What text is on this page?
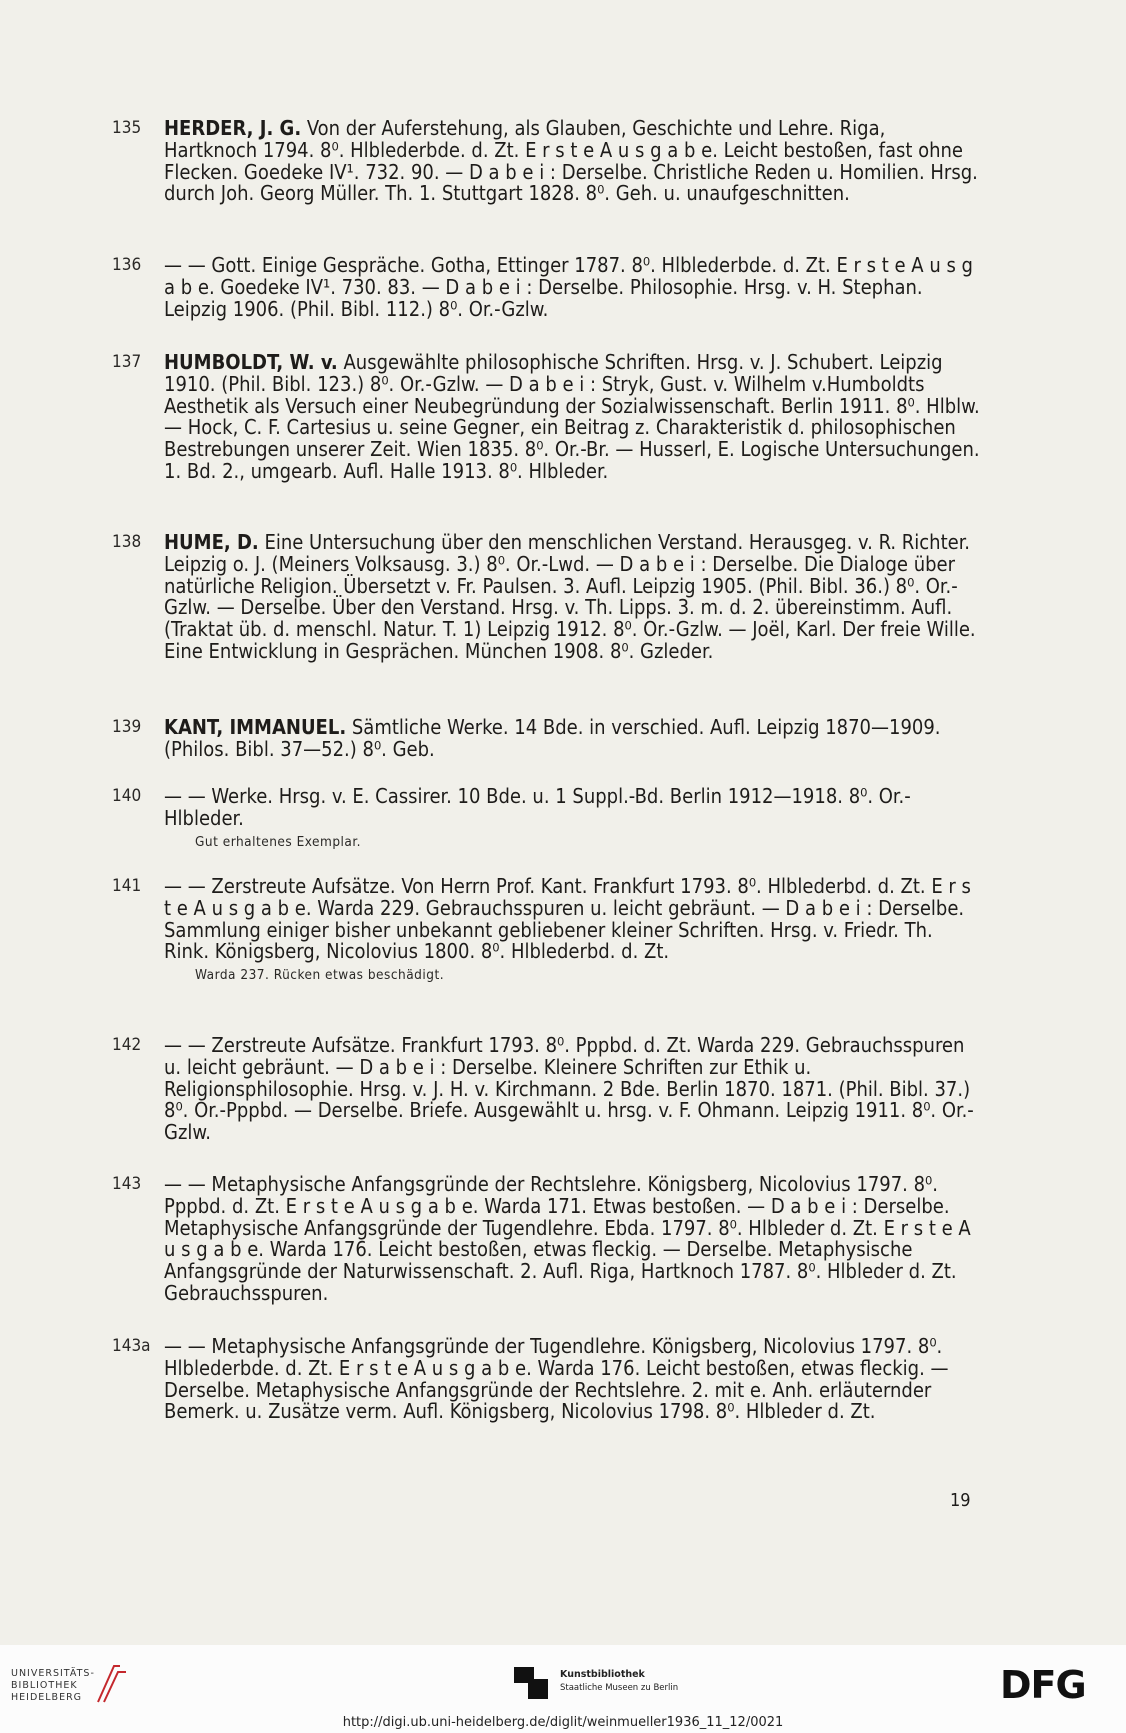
135 HERDER, J. G. Von der Auferstehung, als Glauben, Geschichte und Lehre. Riga, Hartknoch 1794. 8⁰. Hlblederbde. d. Zt. E r s t e A u s g a b e. Leicht bestoßen, fast ohne Flecken. Goedeke IV¹. 732. 90. — D a b e i : Derselbe. Christliche Reden u. Homilien. Hrsg. durch Joh. Georg Müller. Th. 1. Stuttgart 1828. 8⁰. Geh. u. unaufgeschnitten.
136 — — Gott. Einige Gespräche. Gotha, Ettinger 1787. 8⁰. Hlblederbde. d. Zt. E r s t e A u s g a b e. Goedeke IV¹. 730. 83. — D a b e i : Derselbe. Philosophie. Hrsg. v. H. Stephan. Leipzig 1906. (Phil. Bibl. 112.) 8⁰. Or.-Gzlw.
137 HUMBOLDT, W. v. Ausgewählte philosophische Schriften. Hrsg. v. J. Schubert. Leipzig 1910. (Phil. Bibl. 123.) 8⁰. Or.-Gzlw. — D a b e i : Stryk, Gust. v. Wilhelm v.Humboldts Aesthetik als Versuch einer Neubegründung der Sozialwissenschaft. Berlin 1911. 8⁰. Hlblw. — Hock, C. F. Cartesius u. seine Gegner, ein Beitrag z. Charakteristik d. philosophischen Bestrebungen unserer Zeit. Wien 1835. 8⁰. Or.-Br. — Husserl, E. Logische Untersuchungen. 1. Bd. 2., umgearb. Aufl. Halle 1913. 8⁰. Hlbleder.
138 HUME, D. Eine Untersuchung über den menschlichen Verstand. Herausgeg. v. R. Richter. Leipzig o. J. (Meiners Volksausg. 3.) 8⁰. Or.-Lwd. — D a b e i : Derselbe. Die Dialoge über natürliche Religion. Übersetzt v. Fr. Paulsen. 3. Aufl. Leipzig 1905. (Phil. Bibl. 36.) 8⁰. Or.-Gzlw. — Derselbe. Über den Verstand. Hrsg. v. Th. Lipps. 3. m. d. 2. übereinstimm. Aufl. (Traktat üb. d. menschl. Natur. T. 1) Leipzig 1912. 8⁰. Or.-Gzlw. — Joël, Karl. Der freie Wille. Eine Entwicklung in Gesprächen. München 1908. 8⁰. Gzleder.
139 KANT, IMMANUEL. Sämtliche Werke. 14 Bde. in verschied. Aufl. Leipzig 1870—1909. (Philos. Bibl. 37—52.) 8⁰. Geb.
140 — — Werke. Hrsg. v. E. Cassirer. 10 Bde. u. 1 Suppl.-Bd. Berlin 1912—1918. 8⁰. Or.-Hlbleder.
Gut erhaltenes Exemplar.
141 — — Zerstreute Aufsätze. Von Herrn Prof. Kant. Frankfurt 1793. 8⁰. Hlblederbd. d. Zt. E r s t e A u s g a b e. Warda 229. Gebrauchsspuren u. leicht gebräunt. — D a b e i : Derselbe. Sammlung einiger bisher unbekannt gebliebener kleiner Schriften. Hrsg. v. Friedr. Th. Rink. Königsberg, Nicolovius 1800. 8⁰. Hlblederbd. d. Zt.
Warda 237. Rücken etwas beschädigt.
142 — — Zerstreute Aufsätze. Frankfurt 1793. 8⁰. Pppbd. d. Zt. Warda 229. Gebrauchsspuren u. leicht gebräunt. — D a b e i : Derselbe. Kleinere Schriften zur Ethik u. Religionsphilosophie. Hrsg. v. J. H. v. Kirchmann. 2 Bde. Berlin 1870. 1871. (Phil. Bibl. 37.) 8⁰. Or.-Pppbd. — Derselbe. Briefe. Ausgewählt u. hrsg. v. F. Ohmann. Leipzig 1911. 8⁰. Or.-Gzlw.
143 — — Metaphysische Anfangsgründe der Rechtslehre. Königsberg, Nicolovius 1797. 8⁰. Pppbd. d. Zt. E r s t e A u s g a b e. Warda 171. Etwas bestoßen. — D a b e i : Derselbe. Metaphysische Anfangsgründe der Tugendlehre. Ebda. 1797. 8⁰. Hlbleder d. Zt. E r s t e A u s g a b e. Warda 176. Leicht bestoßen, etwas fleckig. — Derselbe. Metaphysische Anfangsgründe der Naturwissenschaft. 2. Aufl. Riga, Hartknoch 1787. 8⁰. Hlbleder d. Zt. Gebrauchsspuren.
143a — — Metaphysische Anfangsgründe der Tugendlehre. Königsberg, Nicolovius 1797. 8⁰. Hlblederbde. d. Zt. E r s t e A u s g a b e. Warda 176. Leicht bestoßen, etwas fleckig. — Derselbe. Metaphysische Anfangsgründe der Rechtslehre. 2. mit e. Anh. erläuternder Bemerk. u. Zusätze verm. Aufl. Königsberg, Nicolovius 1798. 8⁰. Hlbleder d. Zt.
19
UNIVERSITÄTS-
BIBLIOTHEK
HEIDELBERG
Kunstbibliothek
Staatliche Museen zu Berlin	DFG
http://digi.ub.uni-heidelberg.de/diglit/weinmueller1936_11_12/0021
